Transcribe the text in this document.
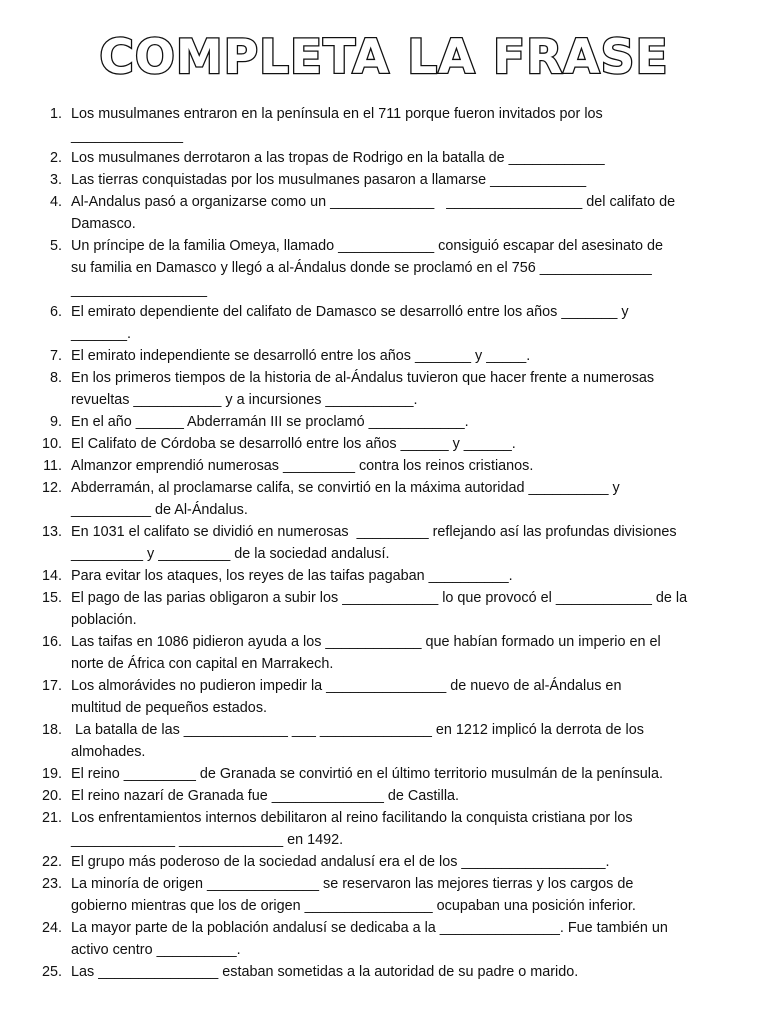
COMPLETA LA FRASE
1. Los musulmanes entraron en la península en el 711 porque fueron invitados por los
______________
2. Los musulmanes derrotaron a las tropas de Rodrigo en la batalla de ____________
3. Las tierras conquistadas por los musulmanes pasaron a llamarse ____________
4. Al-Andalus pasó a organizarse como un _____________   _________________ del califato de
Damasco.
5. Un príncipe de la familia Omeya, llamado ____________ consiguió escapar del asesinato de
su familia en Damasco y llegó a al-Ándalus donde se proclamó en el 756 ______________
_________________
6. El emirato dependiente del califato de Damasco se desarrolló entre los años _______ y
_______.
7. El emirato independiente se desarrolló entre los años _______ y _____.
8. En los primeros tiempos de la historia de al-Ándalus tuvieron que hacer frente a numerosas
revueltas ___________ y a incursiones ___________.
9. En el año ______ Abderramán III se proclamó ____________.
10. El Califato de Córdoba se desarrolló entre los años ______ y ______.
11. Almanzor emprendió numerosas _________ contra los reinos cristianos.
12. Abderramán, al proclamarse califa, se convirtió en la máxima autoridad __________ y
__________ de Al-Ándalus.
13. En 1031 el califato se dividió en numerosas  _________ reflejando así las profundas divisiones
_________ y _________ de la sociedad andalusí.
14. Para evitar los ataques, los reyes de las taifas pagaban __________.
15. El pago de las parias obligaron a subir los ____________ lo que provocó el ____________ de la
población.
16. Las taifas en 1086 pidieron ayuda a los ____________ que habían formado un imperio en el
norte de África con capital en Marrakech.
17. Los almorávides no pudieron impedir la _______________ de nuevo de al-Ándalus en
multitud de pequeños estados.
18. La batalla de las _____________ ___ ______________ en 1212 implicó la derrota de los
almohades.
19. El reino _________ de Granada se convirtió en el último territorio musulmán de la península.
20. El reino nazarí de Granada fue ______________ de Castilla.
21. Los enfrentamientos internos debilitaron al reino facilitando la conquista cristiana por los
_____________ _____________ en 1492.
22. El grupo más poderoso de la sociedad andalusí era el de los __________________.
23. La minoría de origen ______________ se reservaron las mejores tierras y los cargos de
gobierno mientras que los de origen ________________ ocupaban una posición inferior.
24. La mayor parte de la población andalusí se dedicaba a la _______________. Fue también un
activo centro __________.
25. Las _______________ estaban sometidas a la autoridad de su padre o marido.
